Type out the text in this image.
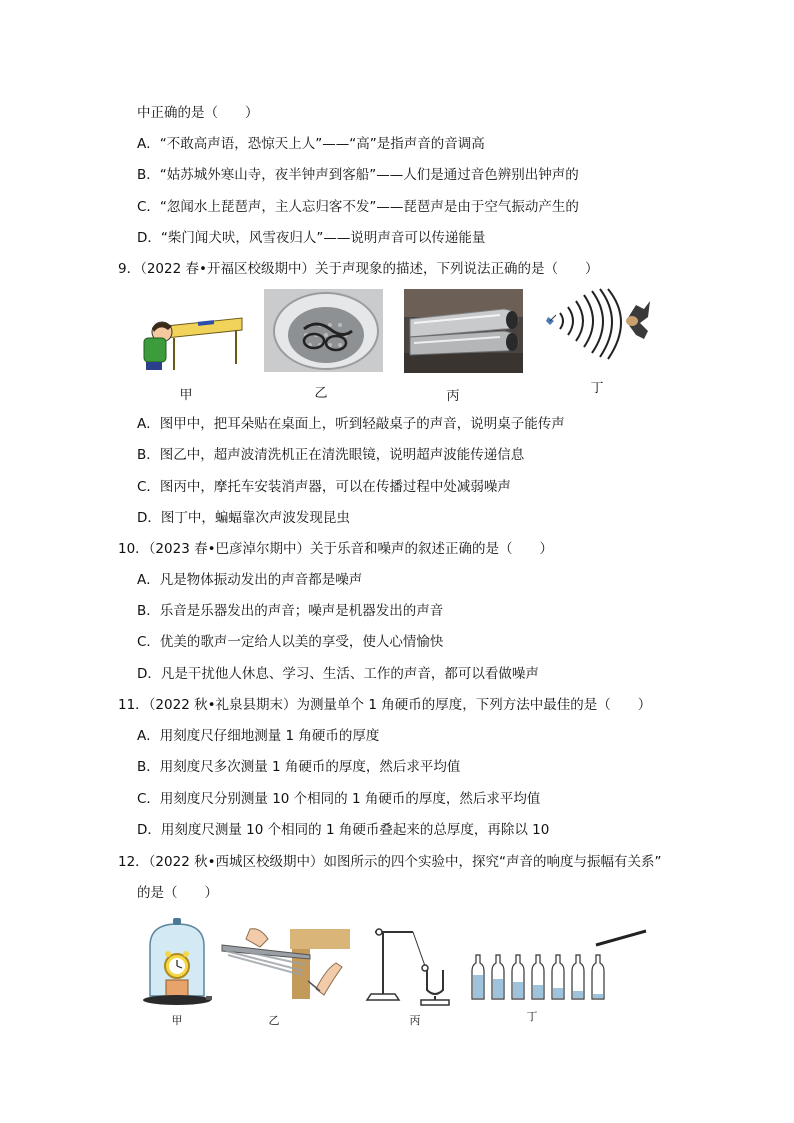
中正确的是（　　）
A．“不敢高声语，恐惊天上人”——“高”是指声音的音调高
B．“姑苏城外寒山寺，夜半钟声到客船”——人们是通过音色辨别出钟声的
C．“忽闻水上琵琶声，主人忘归客不发”——琵琶声是由于空气振动产生的
D．“柴门闻犬吠，风雪夜归人”——说明声音可以传递能量
9．（2022 春•开福区校级期中）关于声现象的描述，下列说法正确的是（　　）
甲	乙	丙
丁
A．图甲中，把耳朵贴在桌面上，听到轻敲桌子的声音，说明桌子能传声
B．图乙中，超声波清洗机正在清洗眼镜，说明超声波能传递信息
C．图丙中，摩托车安装消声器，可以在传播过程中处减弱噪声
D．图丁中，蝙蝠靠次声波发现昆虫
10．（2023 春•巴彦淖尔期中）关于乐音和噪声的叙述正确的是（　　）
A．凡是物体振动发出的声音都是噪声
B．乐音是乐器发出的声音；噪声是机器发出的声音
C．优美的歌声一定给人以美的享受，使人心情愉快
D．凡是干扰他人休息、学习、生活、工作的声音，都可以看做噪声
11．（2022 秋•礼泉县期末）为测量单个 1 角硬币的厚度，下列方法中最佳的是（　　）
A．用刻度尺仔细地测量 1 角硬币的厚度
B．用刻度尺多次测量 1 角硬币的厚度，然后求平均值
C．用刻度尺分别测量 10 个相同的 1 角硬币的厚度，然后求平均值
D．用刻度尺测量 10 个相同的 1 角硬币叠起来的总厚度，再除以 10
12．（2022 秋•西城区校级期中）如图所示的四个实验中，探究“声音的响度与振幅有关系”
的是（　　）
甲	乙	丙	丁
